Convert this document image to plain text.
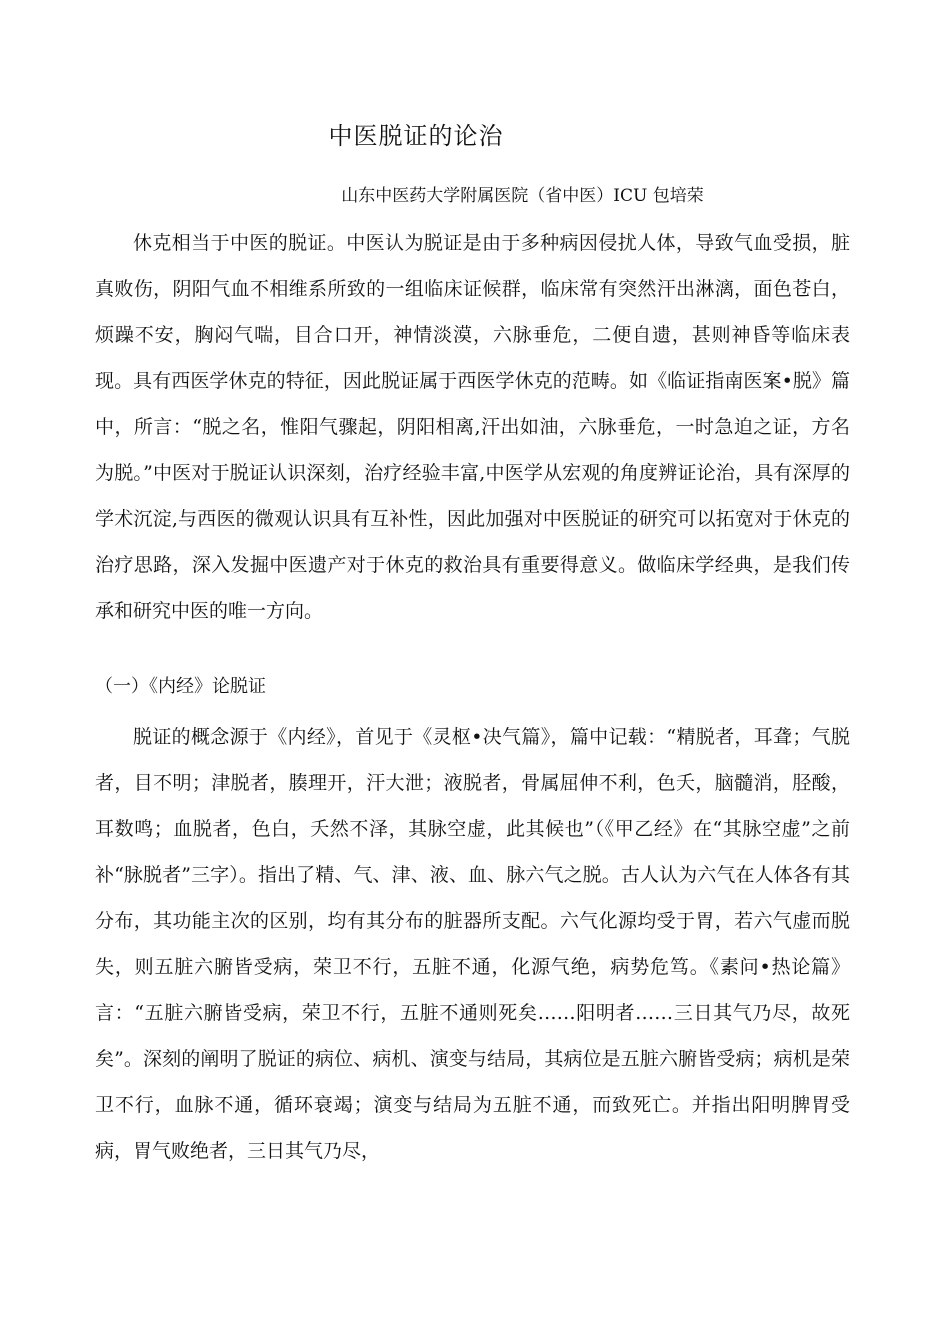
中医脱证的论治
山东中医药大学附属医院（省中医）ICU 包培荣

休克相当于中医的脱证。中医认为脱证是由于多种病因侵扰人体，导致气血受损，脏真败伤，阴阳气血不相维系所致的一组临床证候群，临床常有突然汗出淋漓，面色苍白，烦躁不安，胸闷气喘，目合口开，神情淡漠，六脉垂危，二便自遗，甚则神昏等临床表现。具有西医学休克的特征，因此脱证属于西医学休克的范畴。如《临证指南医案•脱》篇中，所言：“脱之名，惟阳气骤起，阴阳相离,汗出如油，六脉垂危，一时急迫之证，方名为脱。”中医对于脱证认识深刻，治疗经验丰富,中医学从宏观的角度辨证论治，具有深厚的学术沉淀,与西医的微观认识具有互补性，因此加强对中医脱证的研究可以拓宽对于休克的治疗思路，深入发掘中医遗产对于休克的救治具有重要得意义。做临床学经典，是我们传承和研究中医的唯一方向。

（一）《内经》论脱证

脱证的概念源于《内经》，首见于《灵枢•决气篇》，篇中记载：“精脱者，耳聋；气脱者，目不明；津脱者，腠理开，汗大泄；液脱者，骨属屈伸不利，色夭，脑髓消，胫酸，耳数鸣；血脱者，色白，夭然不泽，其脉空虚，此其候也”（《甲乙经》在“其脉空虚”之前补“脉脱者”三字）。指出了精、气、津、液、血、脉六气之脱。古人认为六气在人体各有其分布，其功能主次的区别，均有其分布的脏器所支配。六气化源均受于胃，若六气虚而脱失，则五脏六腑皆受病，荣卫不行，五脏不通，化源气绝，病势危笃。《素问•热论篇》言：“五脏六腑皆受病，荣卫不行，五脏不通则死矣……阳明者……三日其气乃尽，故死矣”。深刻的阐明了脱证的病位、病机、演变与结局，其病位是五脏六腑皆受病；病机是荣卫不行，血脉不通，循环衰竭；演变与结局为五脏不通，而致死亡。并指出阳明脾胃受病，胃气败绝者，三日其气乃尽，
